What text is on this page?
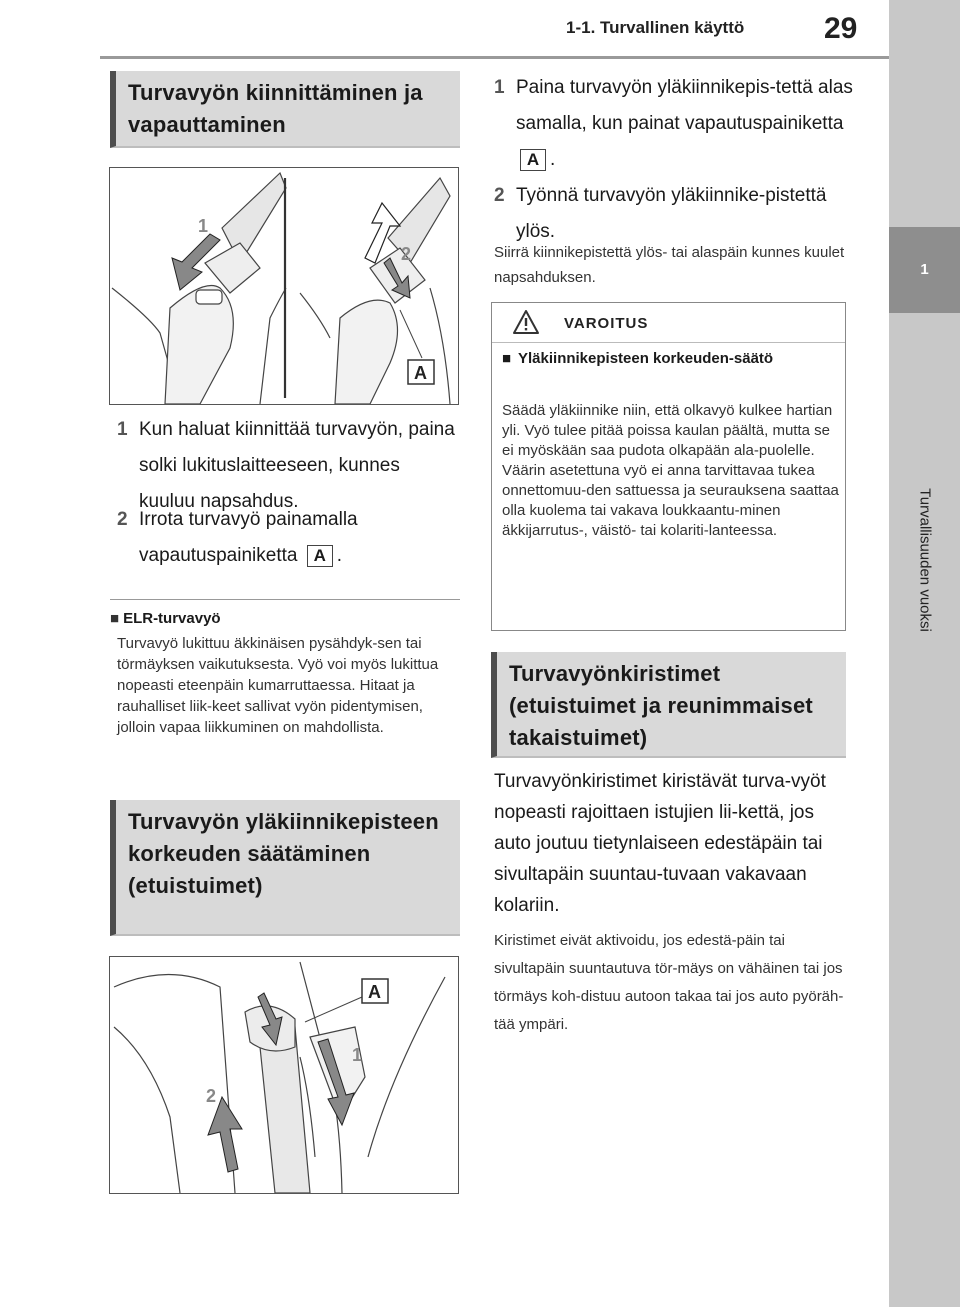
1-1. Turvallinen käyttö	29
1
Turvallisuuden vuoksi
Turvavyön kiinnittäminen ja vapauttaminen
1
2
A
1 Kun haluat kiinnittää turvavyön, paina solki lukituslaitteeseen, kunnes kuuluu napsahdus.
2 Irrota turvavyö painamalla vapautuspainiketta A .
■ ELR-turvavyö
Turvavyö lukittuu äkkinäisen pysähdyk-sen tai törmäyksen vaikutuksesta. Vyö voi myös lukittua nopeasti eteenpäin kumarruttaessa. Hitaat ja rauhalliset liik-keet sallivat vyön pidentymisen, jolloin vapaa liikkuminen on mahdollista.
Turvavyön yläkiinnikepisteen korkeuden säätäminen (etuistuimet)
A
1
2
1 Paina turvavyön yläkiinnikepis-tettä alas samalla, kun painat vapautuspainiketta A .
2 Työnnä turvavyön yläkiinnike-pistettä ylös.
Siirrä kiinnikepistettä ylös- tai alaspäin kunnes kuulet napsahduksen.
VAROITUS
■ Yläkiinnikepisteen korkeuden-säätö
Säädä yläkiinnike niin, että olkavyö kulkee hartian yli. Vyö tulee pitää poissa kaulan päältä, mutta se ei myöskään saa pudota olkapään ala-puolelle. Väärin asetettuna vyö ei anna tarvittavaa tukea onnettomuu-den sattuessa ja seurauksena saattaa olla kuolema tai vakava loukkaantu-minen äkkijarrutus-, väistö- tai kolariti-lanteessa.
Turvavyönkiristimet (etuistuimet ja reunimmaiset takaistuimet)
Turvavyönkiristimet kiristävät turva-vyöt nopeasti rajoittaen istujien lii-kettä, jos auto joutuu tietynlaiseen edestäpäin tai sivultapäin suuntau-tuvaan vakavaan kolariin.
Kiristimet eivät aktivoidu, jos edestä-päin tai sivultapäin suuntautuva tör-mäys on vähäinen tai jos törmäys koh-distuu autoon takaa tai jos auto pyöräh-tää ympäri.
